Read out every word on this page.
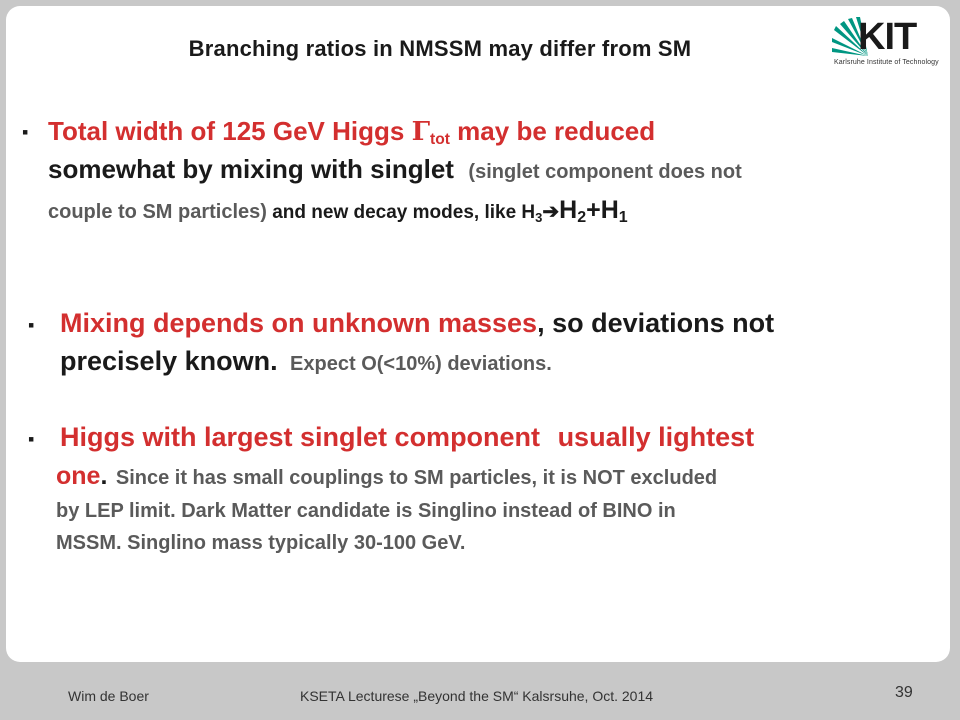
Branching ratios in NMSSM may differ from SM	KIT
Karlsruhe Institute of Technology
▪ Total width of 125 GeV Higgs $\Gamma_{tot}$ may be reduced
somewhat by mixing with singlet (singlet component does not
couple to SM particles) and new decay modes, like $H_3➔H_2+H_1$
▪ Mixing depends on unknown masses, so deviations not
precisely known. Expect O(<10%) deviations.
▪ Higgs with largest singlet component usually lightest
one. Since it has small couplings to SM particles, it is NOT excluded
by LEP limit. Dark Matter candidate is Singlino instead of BINO in
MSSM. Singlino mass typically 30-100 GeV.
Wim de Boer	KSETA Lecturese „Beyond the SM“ Kalsrsuhe, Oct. 2014	39
